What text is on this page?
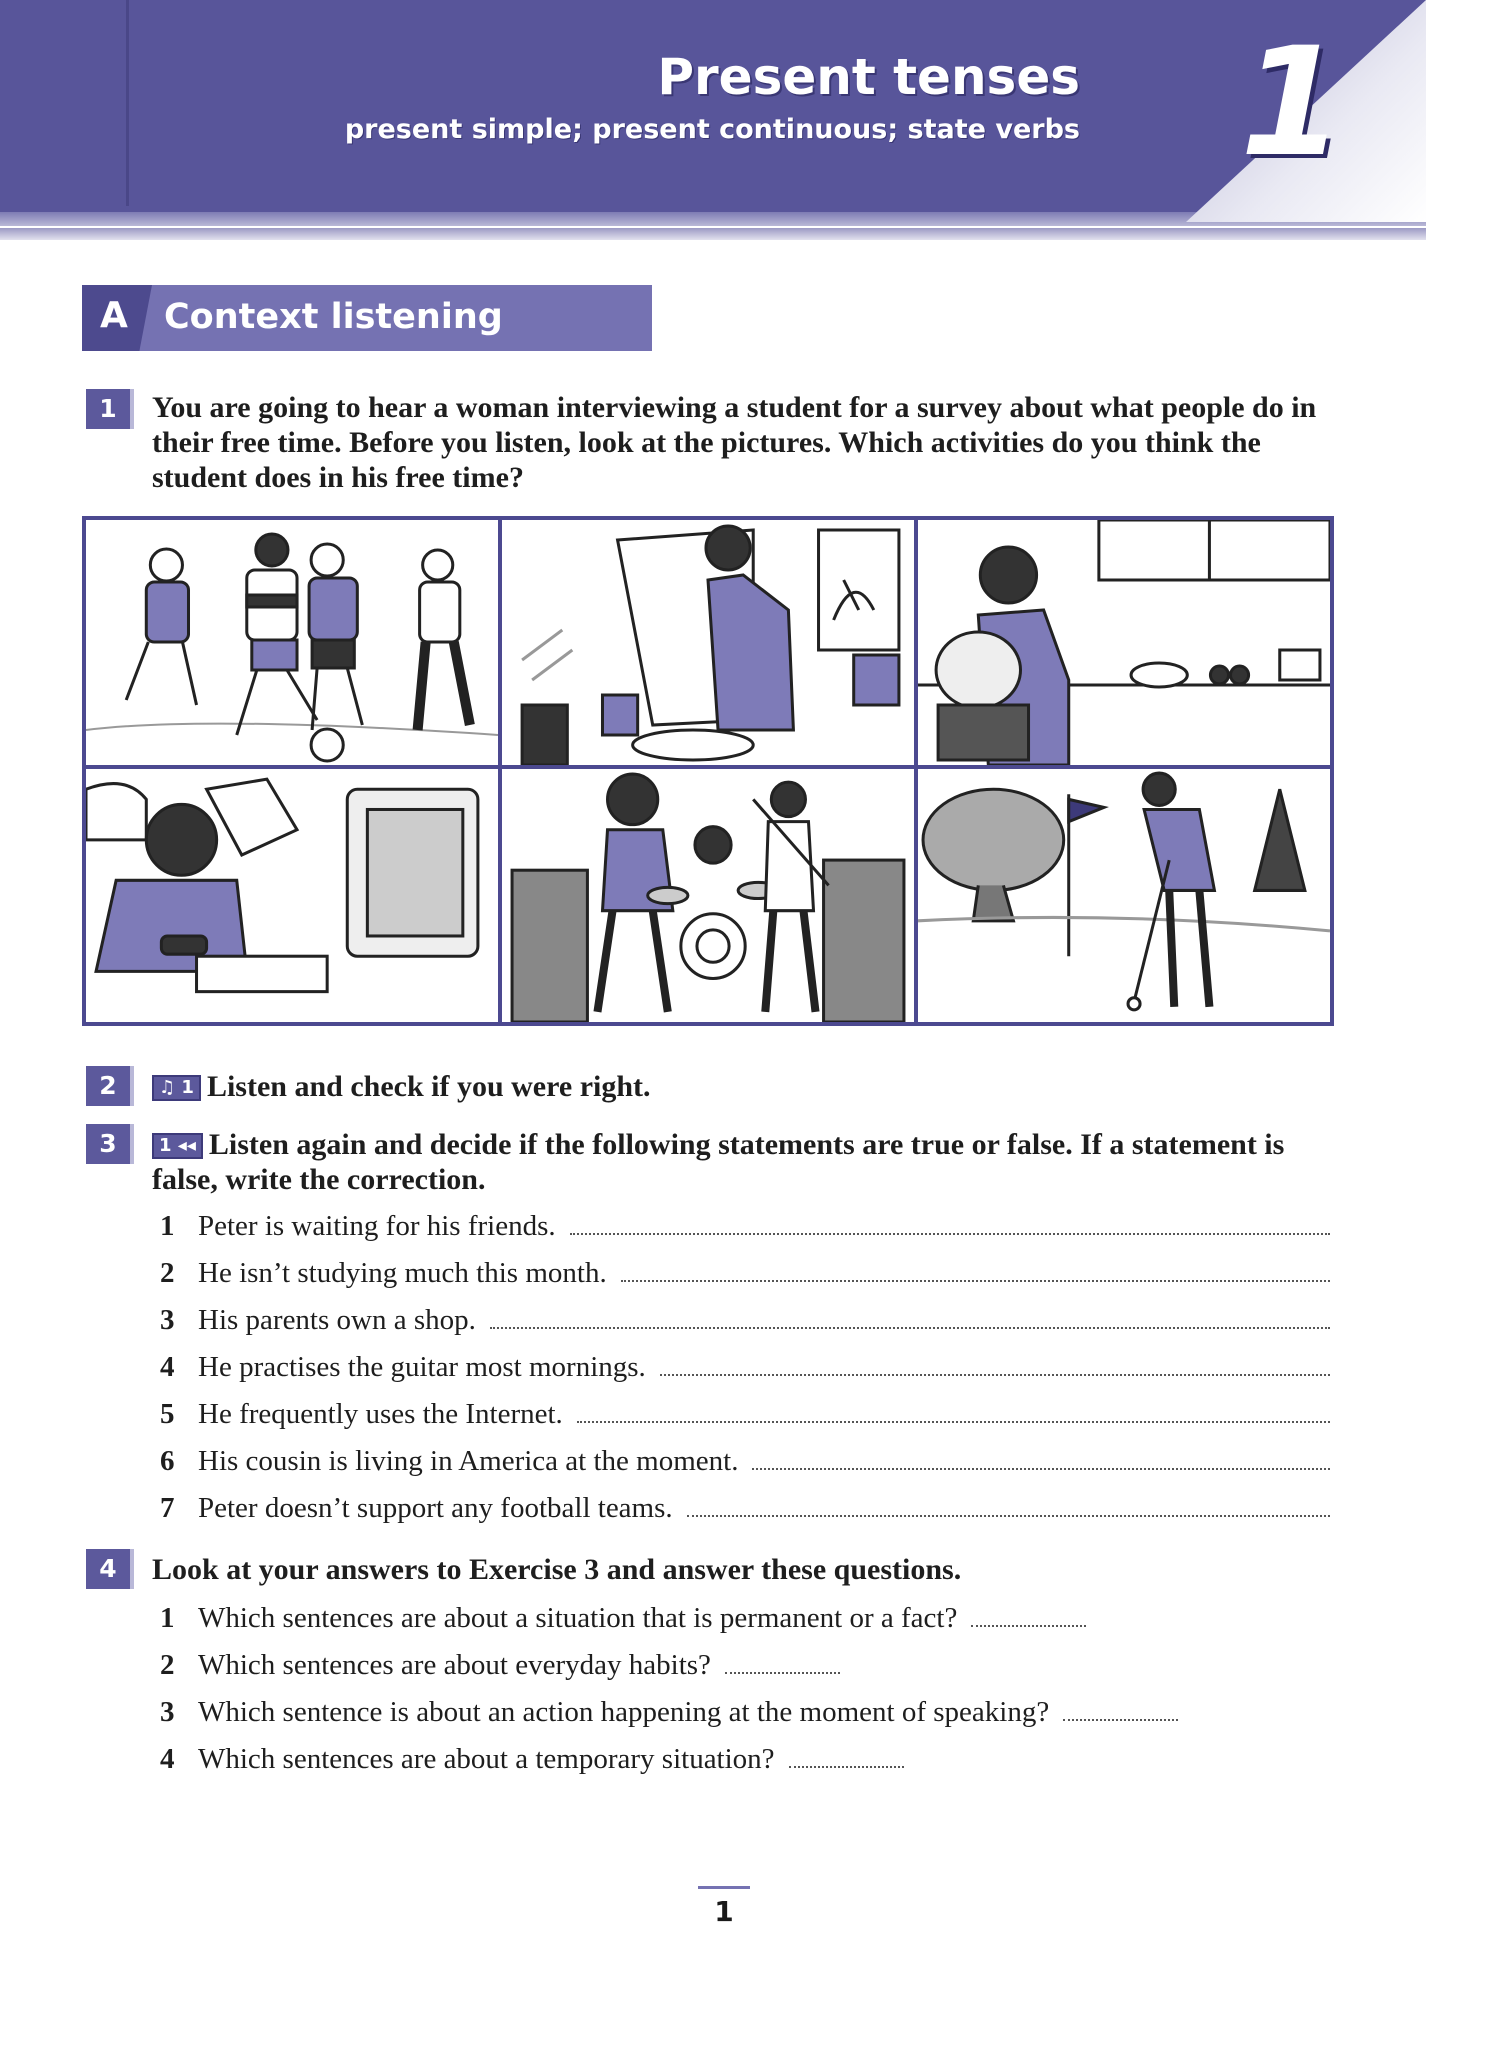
Present tenses
present simple; present continuous; state verbs 1
A Context listening
1	You are going to hear a woman interviewing a student for a survey about what people do in their free time. Before you listen, look at the pictures. Which activities do you think the student does in his free time?
2	♫ 1 Listen and check if you were right.
3	1 ◂◂ Listen again and decide if the following statements are true or false. If a statement is false, write the correction.
1 Peter is waiting for his friends.
2 He isn’t studying much this month.
3 His parents own a shop.
4 He practises the guitar most mornings.
5 He frequently uses the Internet.
6 His cousin is living in America at the moment.
7 Peter doesn’t support any football teams.
4	Look at your answers to Exercise 3 and answer these questions.
1 Which sentences are about a situation that is permanent or a fact?
2 Which sentences are about everyday habits?
3 Which sentence is about an action happening at the moment of speaking?
4 Which sentences are about a temporary situation?
1
